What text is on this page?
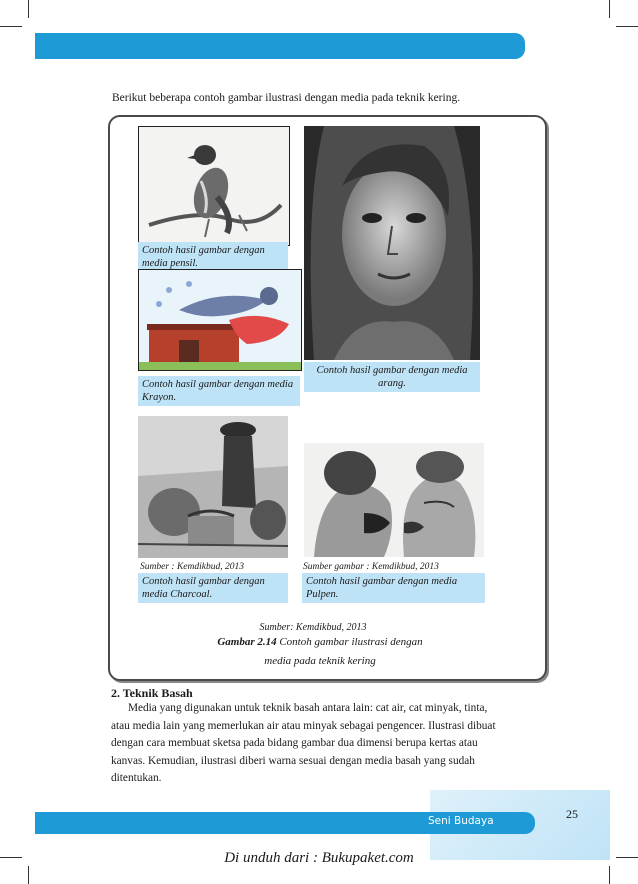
Berikut beberapa contoh gambar ilustrasi dengan media pada teknik kering.
Contoh hasil gambar dengan media pensil.
Contoh hasil gambar dengan media arang.
Contoh hasil gambar dengan media Krayon.
Sumber : Kemdikbud, 2013
Contoh hasil gambar dengan media Charcoal.
Sumber gambar : Kemdikbud, 2013
Contoh hasil gambar dengan media Pulpen.
Sumber: Kemdikbud, 2013
Gambar 2.14 Contoh gambar ilustrasi dengan
media pada teknik kering
2. Teknik Basah
Media yang digunakan untuk teknik basah antara lain: cat air, cat minyak, tinta,
atau media lain yang memerlukan air atau minyak sebagai pengencer. Ilustrasi dibuat
dengan cara membuat sketsa pada bidang gambar dua dimensi berupa kertas atau
kanvas. Kemudian, ilustrasi diberi warna sesuai dengan media basah yang sudah
ditentukan.
Seni Budaya	25
Di unduh dari : Bukupaket.com
